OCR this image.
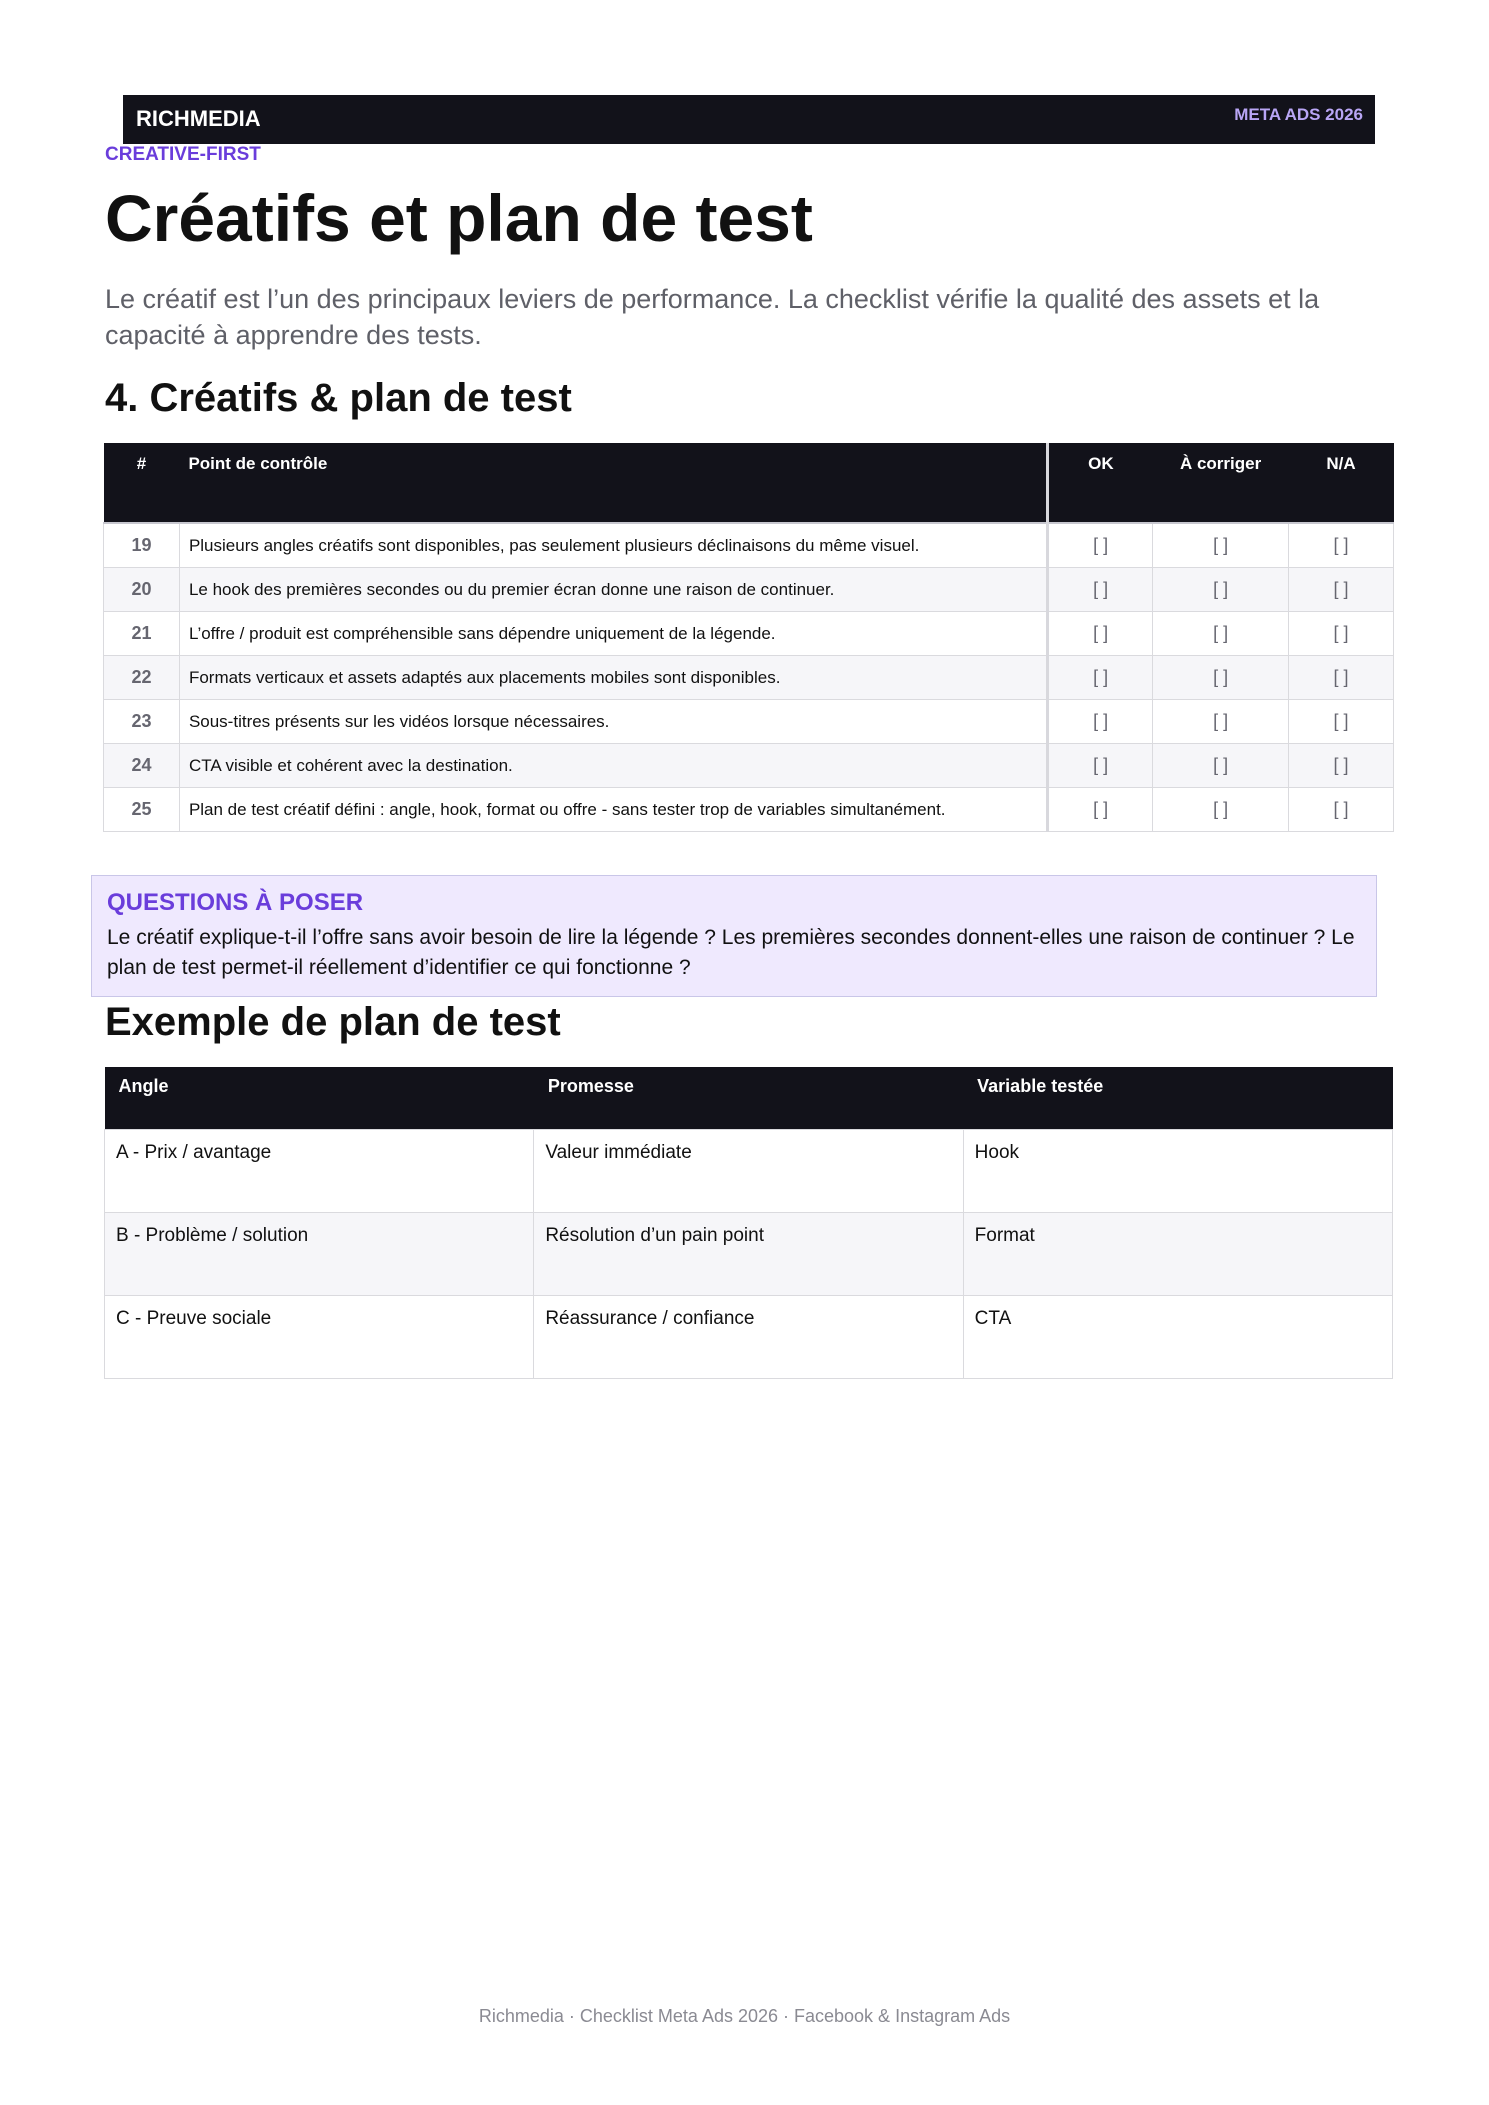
RICHMEDIA	META ADS 2026
CREATIVE-FIRST
Créatifs et plan de test

Le créatif est l’un des principaux leviers de performance. La checklist vérifie la qualité des assets et la capacité à apprendre des tests.

4. Créatifs & plan de test
#	Point de contrôle	OK	À corriger	N/A
19	Plusieurs angles créatifs sont disponibles, pas seulement plusieurs déclinaisons du même visuel.	[ ]	[ ]	[ ]
20	Le hook des premières secondes ou du premier écran donne une raison de continuer.	[ ]	[ ]	[ ]
21	L’offre / produit est compréhensible sans dépendre uniquement de la légende.	[ ]	[ ]	[ ]
22	Formats verticaux et assets adaptés aux placements mobiles sont disponibles.	[ ]	[ ]	[ ]
23	Sous-titres présents sur les vidéos lorsque nécessaires.	[ ]	[ ]	[ ]
24	CTA visible et cohérent avec la destination.	[ ]	[ ]	[ ]
25	Plan de test créatif défini : angle, hook, format ou offre - sans tester trop de variables simultanément.	[ ]	[ ]	[ ]

QUESTIONS À POSER

Le créatif explique-t-il l’offre sans avoir besoin de lire la légende ? Les premières secondes donnent-elles une raison de continuer ? Le plan de test permet-il réellement d’identifier ce qui fonctionne ?

Exemple de plan de test
Angle	Promesse	Variable testée
A - Prix / avantage	Valeur immédiate	Hook
B - Problème / solution	Résolution d’un pain point	Format
C - Preuve sociale	Réassurance / confiance	CTA
Richmedia · Checklist Meta Ads 2026 · Facebook & Instagram Ads
